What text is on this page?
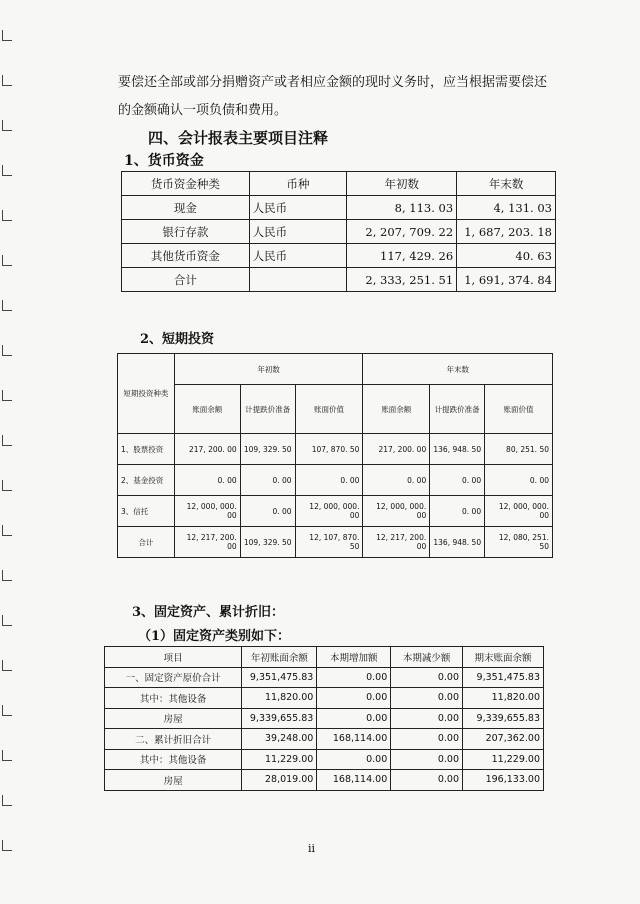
要偿还全部或部分捐赠资产或者相应金额的现时义务时，应当根据需要偿还

的金额确认一项负债和费用。

四、会计报表主要项目注释
1、货币资金
货币资金种类	币种	年初数	年末数
现金	人民币	8, 113. 03	4, 131. 03
银行存款	人民币	2, 207, 709. 22	1, 687, 203. 18
其他货币资金	人民币	117, 429. 26	40. 63
合计		2, 333, 251. 51	1, 691, 374. 84
2、短期投资
短期投资种类	年初数			年末数		
	账面余额	计提跌价准备	账面价值	账面余额	计提跌价准备	账面价值
1、股票投资	217, 200. 00	109, 329. 50	107, 870. 50	217, 200. 00	136, 948. 50	80, 251. 50
2、基金投资	0. 00	0. 00	0. 00	0. 00	0. 00	0. 00
3、信托	12, 000, 000. 00	0. 00	12, 000, 000. 00	12, 000, 000. 00	0. 00	12, 000, 000. 00
合计	12, 217, 200. 00	109, 329. 50	12, 107, 870. 50	12, 217, 200. 00	136, 948. 50	12, 080, 251. 50
3、固定资产、累计折旧：
（1）固定资产类别如下：
项目	年初账面余额	本期增加额	本期减少额	期末账面余额
一、固定资产原价合计	9,351,475.83	0.00	0.00	9,351,475.83
其中：其他设备	11,820.00	0.00	0.00	11,820.00
房屋	9,339,655.83	0.00	0.00	9,339,655.83
二、累计折旧合计	39,248.00	168,114.00	0.00	207,362.00
其中：其他设备	11,229.00	0.00	0.00	11,229.00
房屋	28,019.00	168,114.00	0.00	196,133.00
ii
